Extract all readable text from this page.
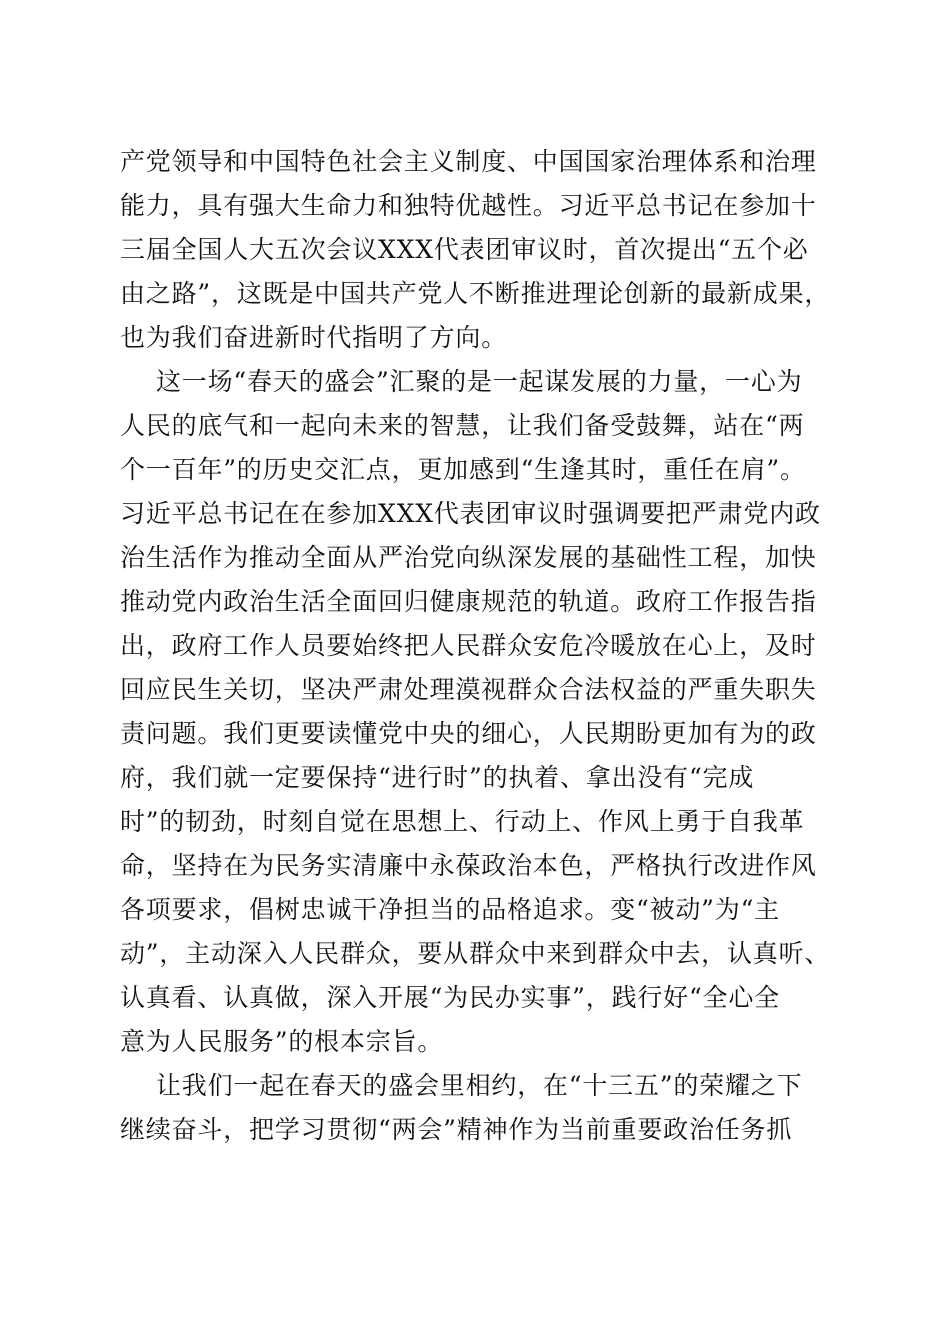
产党领导和中国特色社会主义制度、中国国家治理体系和治理
能力，具有强大生命力和独特优越性。习近平总书记在参加十
三届全国人大五次会议XXX代表团审议时，首次提出“五个必
由之路”，这既是中国共产党人不断推进理论创新的最新成果，
也为我们奋进新时代指明了方向。
这一场“春天的盛会”汇聚的是一起谋发展的力量，一心为
人民的底气和一起向未来的智慧，让我们备受鼓舞，站在“两
个一百年”的历史交汇点，更加感到“生逢其时，重任在肩”。
习近平总书记在在参加XXX代表团审议时强调要把严肃党内政
治生活作为推动全面从严治党向纵深发展的基础性工程，加快
推动党内政治生活全面回归健康规范的轨道。政府工作报告指
出，政府工作人员要始终把人民群众安危冷暖放在心上，及时
回应民生关切，坚决严肃处理漠视群众合法权益的严重失职失
责问题。我们更要读懂党中央的细心，人民期盼更加有为的政
府，我们就一定要保持“进行时”的执着、拿出没有“完成
时”的韧劲，时刻自觉在思想上、行动上、作风上勇于自我革
命，坚持在为民务实清廉中永葆政治本色，严格执行改进作风
各项要求，倡树忠诚干净担当的品格追求。变“被动”为“主
动”，主动深入人民群众，要从群众中来到群众中去，认真听、
认真看、认真做，深入开展“为民办实事”，践行好“全心全
意为人民服务”的根本宗旨。
让我们一起在春天的盛会里相约，在“十三五”的荣耀之下
继续奋斗，把学习贯彻“两会”精神作为当前重要政治任务抓
